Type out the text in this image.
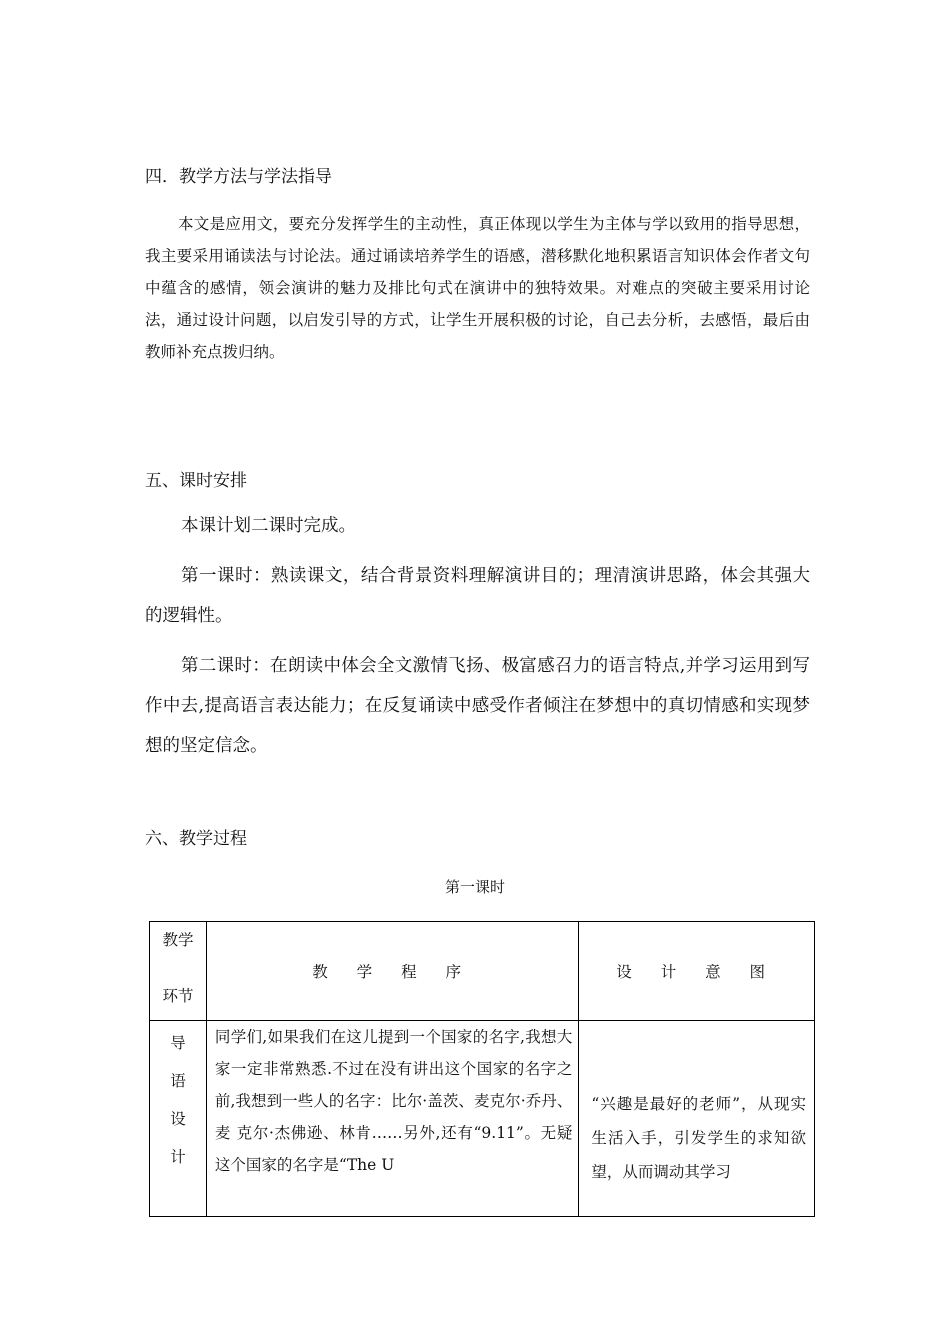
四．教学方法与学法指导
本文是应用文，要充分发挥学生的主动性，真正体现以学生为主体与学以致用的指导思想，我主要采用诵读法与讨论法。通过诵读培养学生的语感，潜移默化地积累语言知识体会作者文句中蕴含的感情，领会演讲的魅力及排比句式在演讲中的独特效果。对难点的突破主要采用讨论法，通过设计问题，以启发引导的方式，让学生开展积极的讨论，自己去分析，去感悟，最后由教师补充点拨归纳。
五、课时安排
本课计划二课时完成。
第一课时：熟读课文，结合背景资料理解演讲目的；理清演讲思路，体会其强大的逻辑性。
第二课时：在朗读中体会全文激情飞扬、极富感召力的语言特点,并学习运用到写作中去,提高语言表达能力；在反复诵读中感受作者倾注在梦想中的真切情感和实现梦想的坚定信念。
六、教学过程
第一课时
教学
环节	教 学 程 序	设 计 意 图

导
语
设
计	同学们,如果我们在这儿提到一个国家的名字,我想大家一定非常熟悉.不过在没有讲出这个国家的名字之前,我想到一些人的名字：比尔·盖茨、麦克尔·乔丹、麦 克尔·杰佛逊、林肯……另外,还有“9.11”。无疑这个国家的名字是“The U	“兴趣是最好的老师”，从现实生活入手，引发学生的求知欲望，从而调动其学习
